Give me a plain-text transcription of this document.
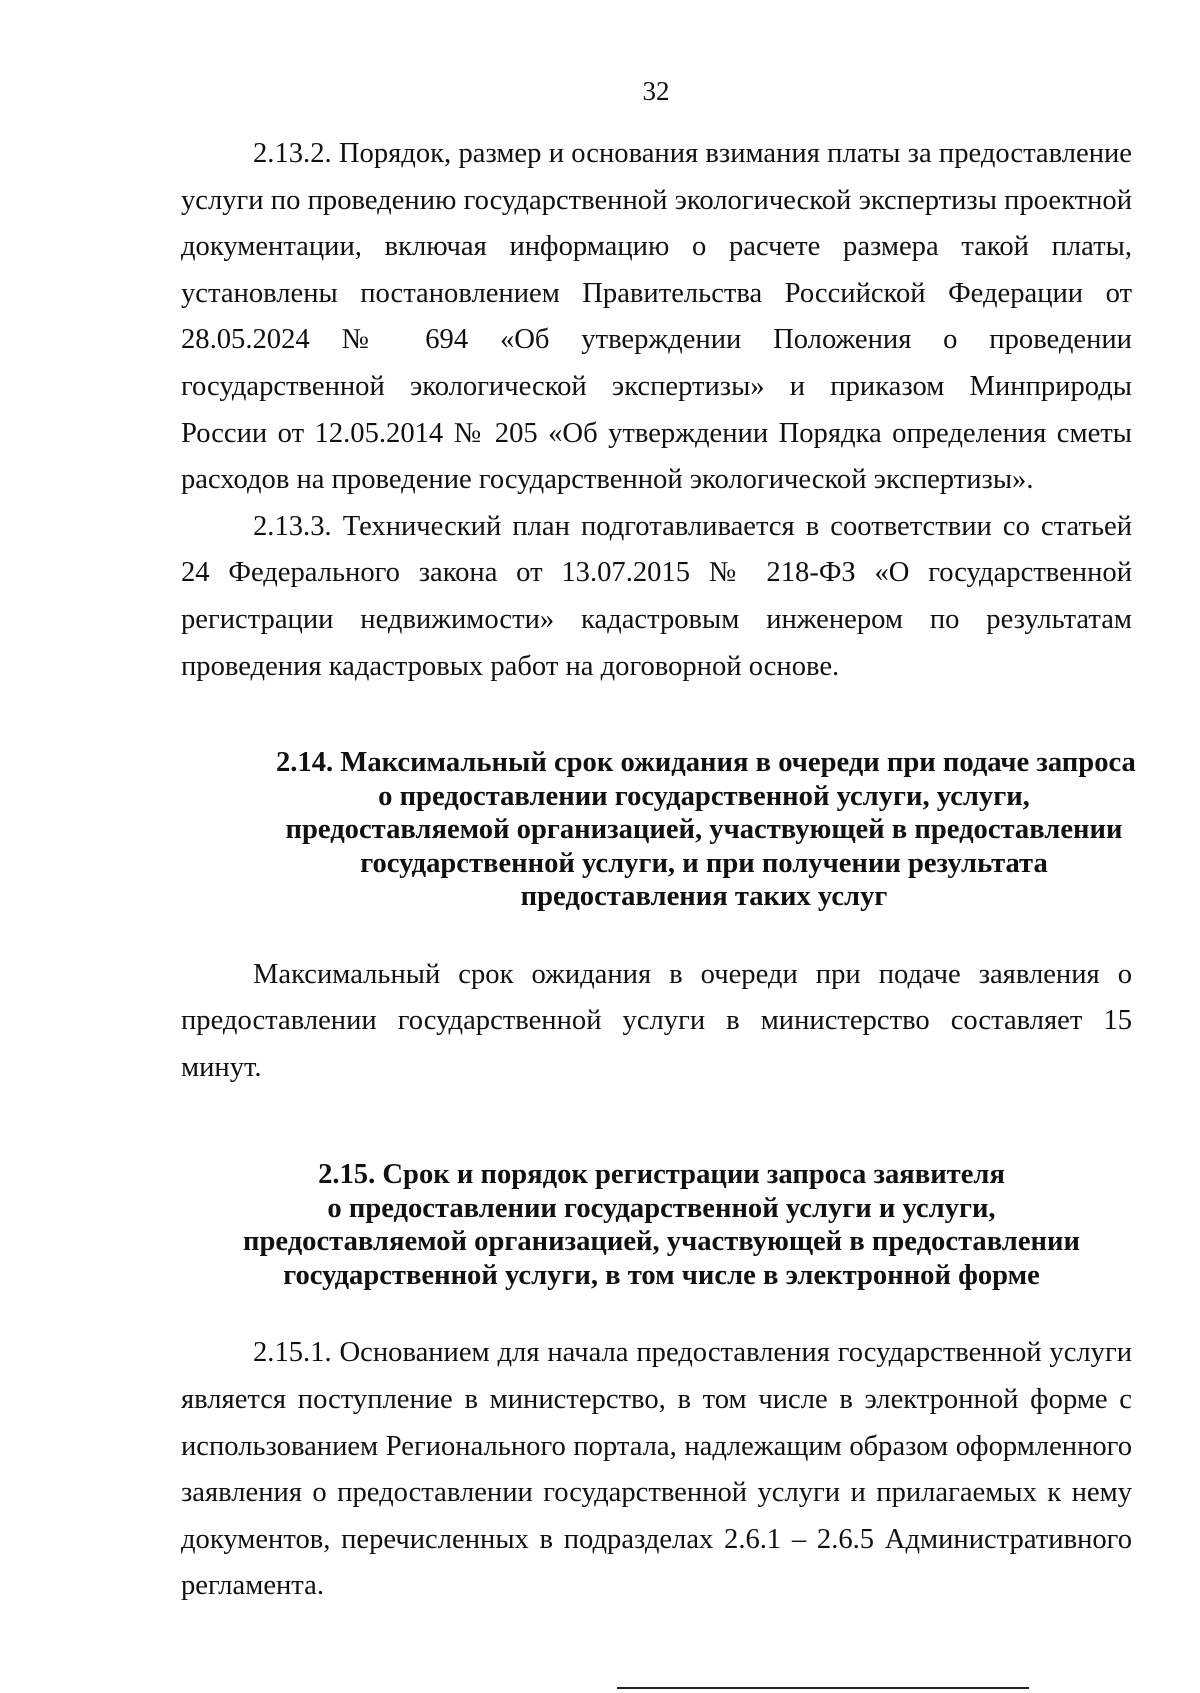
32

2.13.2. Порядок, размер и основания взимания платы за предоставление услуги по проведению государственной экологической экспертизы проектной документации, включая информацию о расчете размера такой платы, установлены постановлением Правительства Российской Федерации от 28.05.2024 № 694 «Об утверждении Положения о проведении государственной экологической экспертизы» и приказом Минприроды России от 12.05.2014 № 205 «Об утверждении Порядка определения сметы расходов на проведение государственной экологической экспертизы».

2.13.3. Технический план подготавливается в соответствии со статьей 24 Федерального закона от 13.07.2015 № 218-ФЗ «О государственной регистрации недвижимости» кадастровым инженером по результатам проведения кадастровых работ на договорной основе.

2.14. Максимальный срок ожидания в очереди при подаче запроса
о предоставлении государственной услуги, услуги,
предоставляемой организацией, участвующей в предоставлении
государственной услуги, и при получении результата
предоставления таких услуг

Максимальный срок ожидания в очереди при подаче заявления о предоставлении государственной услуги в министерство составляет 15 минут.

2.15. Срок и порядок регистрации запроса заявителя
о предоставлении государственной услуги и услуги,
предоставляемой организацией, участвующей в предоставлении
государственной услуги, в том числе в электронной форме

2.15.1. Основанием для начала предоставления государственной услуги является поступление в министерство, в том числе в электронной форме с использованием Регионального портала, надлежащим образом оформленного заявления о предоставлении государственной услуги и прилагаемых к нему документов, перечисленных в подразделах 2.6.1 – 2.6.5 Административного регламента.
